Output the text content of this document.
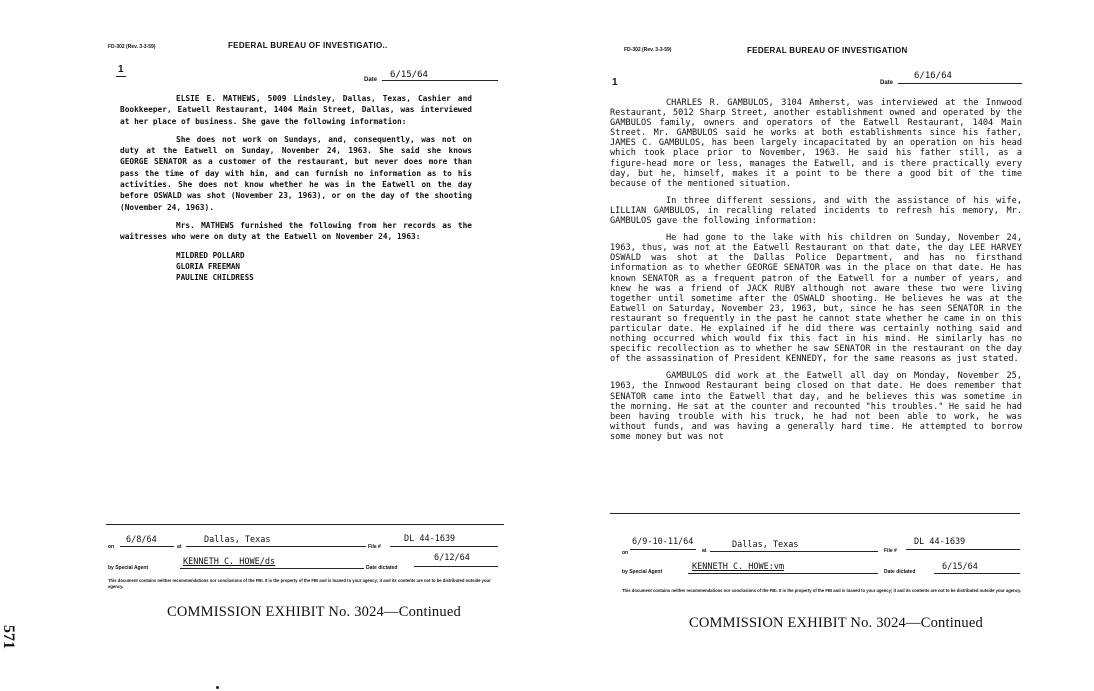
FD-302 (Rev. 3-3-59)	FEDERAL BUREAU OF INVESTIGATIO..
1
Date 6/15/64

ELSIE E. MATHEWS, 5009 Lindsley, Dallas, Texas, Cashier and Bookkeeper, Eatwell Restaurant, 1404 Main Street, Dallas, was interviewed at her place of business. She gave the following information:

She does not work on Sundays, and, consequently, was not on duty at the Eatwell on Sunday, November 24, 1963. She said she knows GEORGE SENATOR as a customer of the restaurant, but never does more than pass the time of day with him, and can furnish no information as to his activities. She does not know whether he was in the Eatwell on the day before OSWALD was shot (November 23, 1963), or on the day of the shooting (November 24, 1963).

Mrs. MATHEWS furnished the following from her records as the waitresses who were on duty at the Eatwell on November 24, 1963:

MILDRED POLLARD
GLORIA FREEMAN
PAULINE CHILDRESS
on
6/8/64
at
Dallas, Texas
File #
DL 44-1639
by Special Agent
KENNETH C. HOWE/ds
Date dictated
6/12/64
This document contains neither recommendations nor conclusions of the FBI. It is the property of the FBI and is loaned to your agency; it and its contents are not to be distributed outside your agency.
COMMISSION EXHIBIT No. 3024—Continued
571
FD-302 (Rev. 3-3-59)	FEDERAL BUREAU OF INVESTIGATION
1	Date
6/16/64

CHARLES R. GAMBULOS, 3104 Amherst, was interviewed at the Innwood Restaurant, 5012 Sharp Street, another establishment owned and operated by the GAMBULOS family, owners and operators of the Eatwell Restaurant, 1404 Main Street. Mr. GAMBULOS said he works at both establishments since his father, JAMES C. GAMBULOS, has been largely incapacitated by an operation on his head which took place prior to November, 1963. He said his father still, as a figure-head more or less, manages the Eatwell, and is there practically every day, but he, himself, makes it a point to be there a good bit of the time because of the mentioned situation.

In three different sessions, and with the assistance of his wife, LILLIAN GAMBULOS, in recalling related incidents to refresh his memory, Mr. GAMBULOS gave the following information:

He had gone to the lake with his children on Sunday, November 24, 1963, thus, was not at the Eatwell Restaurant on that date, the day LEE HARVEY OSWALD was shot at the Dallas Police Department, and has no firsthand information as to whether GEORGE SENATOR was in the place on that date. He has known SENATOR as a frequent patron of the Eatwell for a number of years, and knew he was a friend of JACK RUBY although not aware these two were living together until sometime after the OSWALD shooting. He believes he was at the Eatwell on Saturday, November 23, 1963, but, since he has seen SENATOR in the restaurant so frequently in the past he cannot state whether he came in on this particular date. He explained if he did there was certainly nothing said and nothing occurred which would fix this fact in his mind. He similarly has no specific recollection as to whether he saw SENATOR in the restaurant on the day of the assassination of President KENNEDY, for the same reasons as just stated.

GAMBULOS did work at the Eatwell all day on Monday, November 25, 1963, the Innwood Restaurant being closed on that date. He does remember that SENATOR came into the Eatwell that day, and he believes this was sometime in the morning. He sat at the counter and recounted "his troubles." He said he had been having trouble with his truck, he had not been able to work, he was without funds, and was having a generally hard time. He attempted to borrow some money but was not

on
6/9-10-11/64
at
Dallas, Texas
File #
DL 44-1639
by Special Agent	KENNETH C. HOWE:vm	Date dictated	6/15/64
This document contains neither recommendations nor conclusions of the FBI. It is the property of the FBI and is loaned to your agency; it and its contents are not to be distributed outside your agency.
COMMISSION EXHIBIT No. 3024—Continued
